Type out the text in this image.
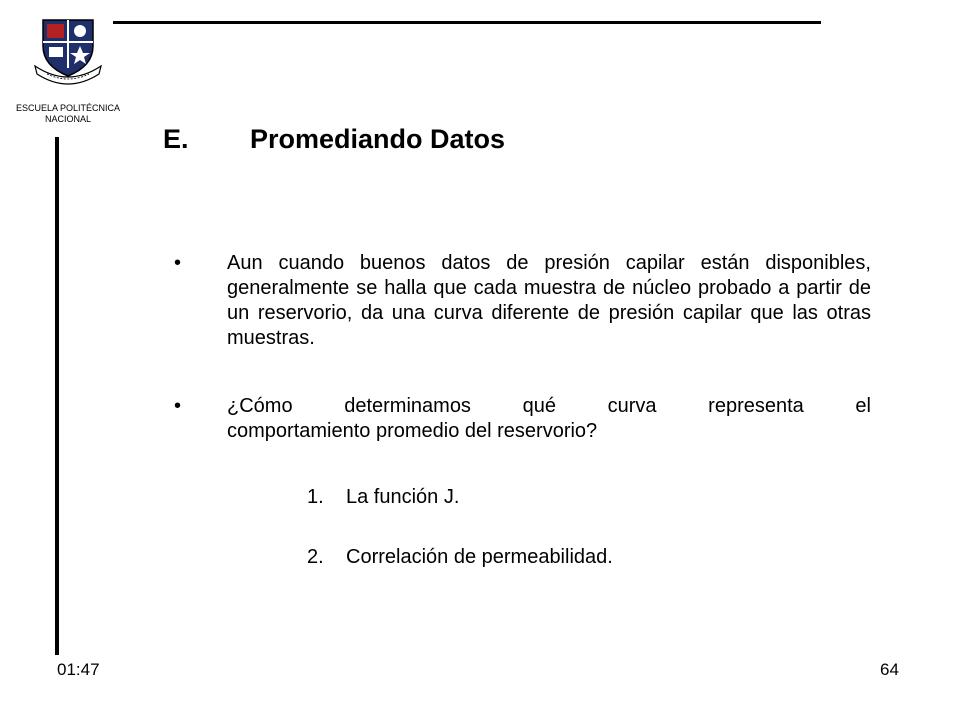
ESCUELA POLITÉCNICA
NACIONAL
E. Promediando Datos
• Aun cuando buenos datos de presión capilar están disponibles, generalmente se halla que cada muestra de núcleo probado a partir de un reservorio, da una curva diferente de presión capilar que las otras muestras.
• ¿Cómo determinamos qué curva representa el
comportamiento promedio del reservorio?
1. La función J.
2. Correlación de permeabilidad.
01:47	64
